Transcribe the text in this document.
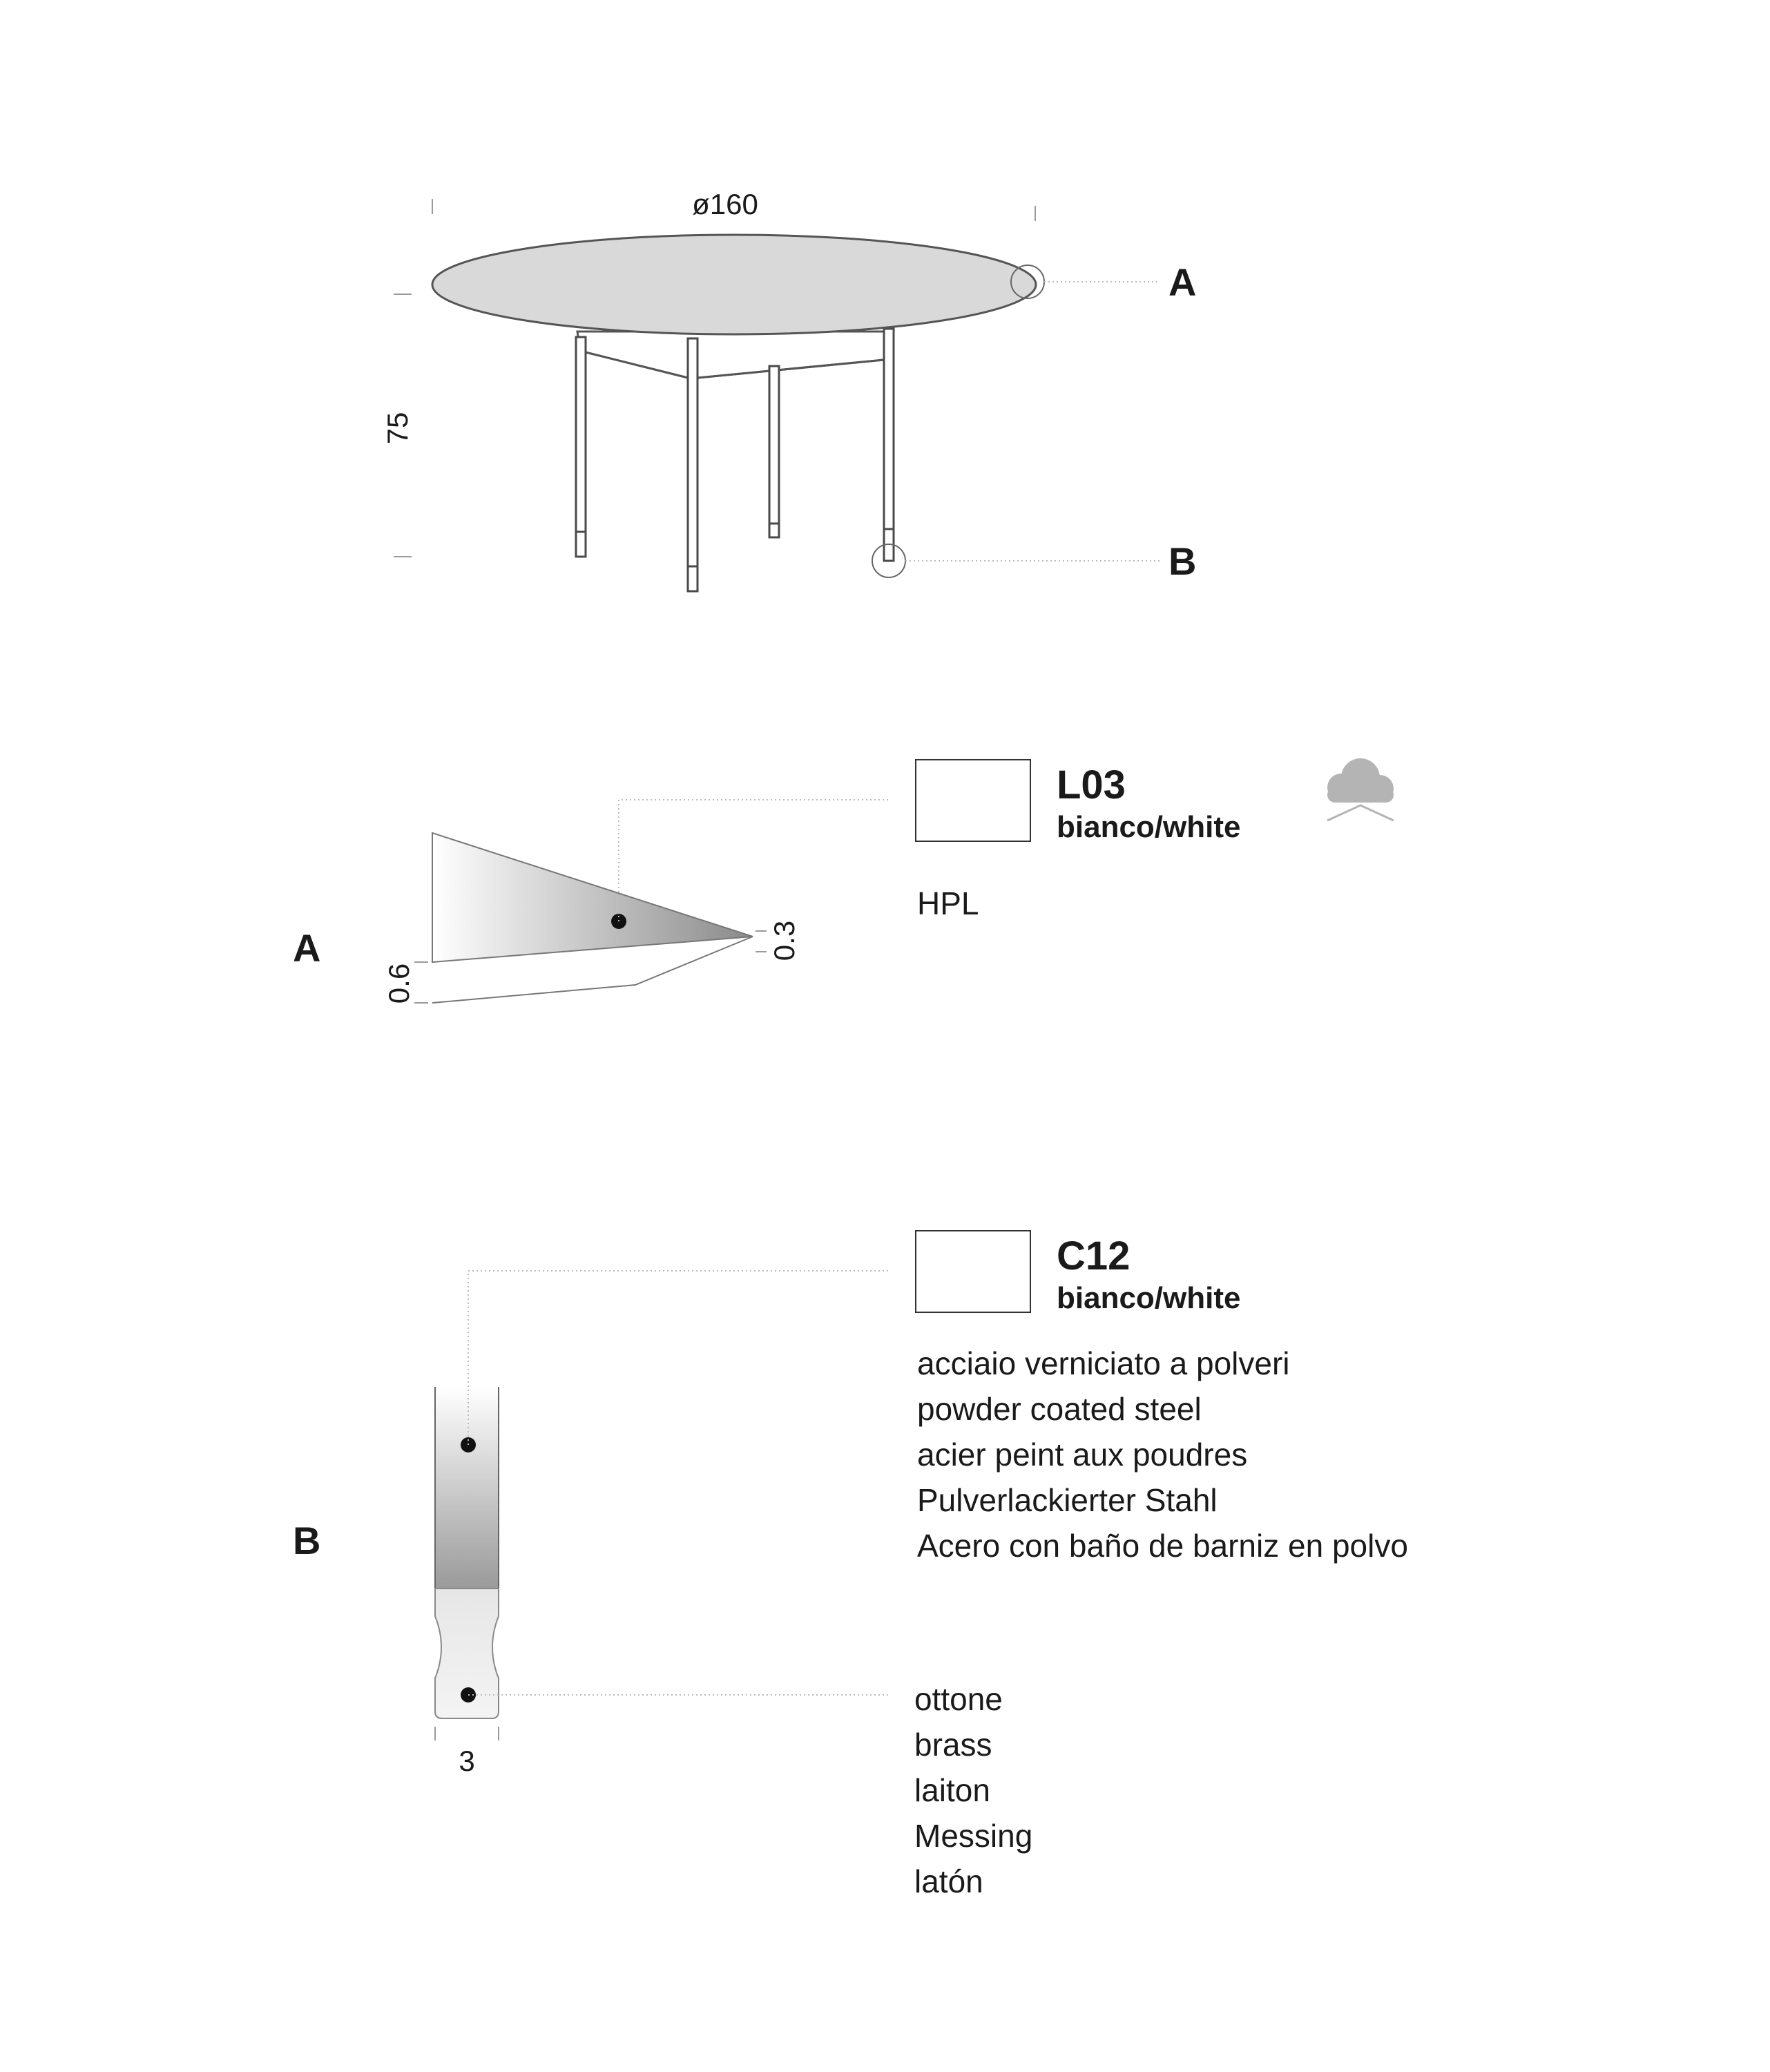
ø160
75
A
B
A
0.6
0.3
L03
bianco/white
HPL
B
3
C12
bianco/white
acciaio verniciato a polveri
powder coated steel
acier peint aux poudres
Pulverlackierter Stahl
Acero con baño de barniz en polvo
ottone
brass
laiton
Messing
latón
